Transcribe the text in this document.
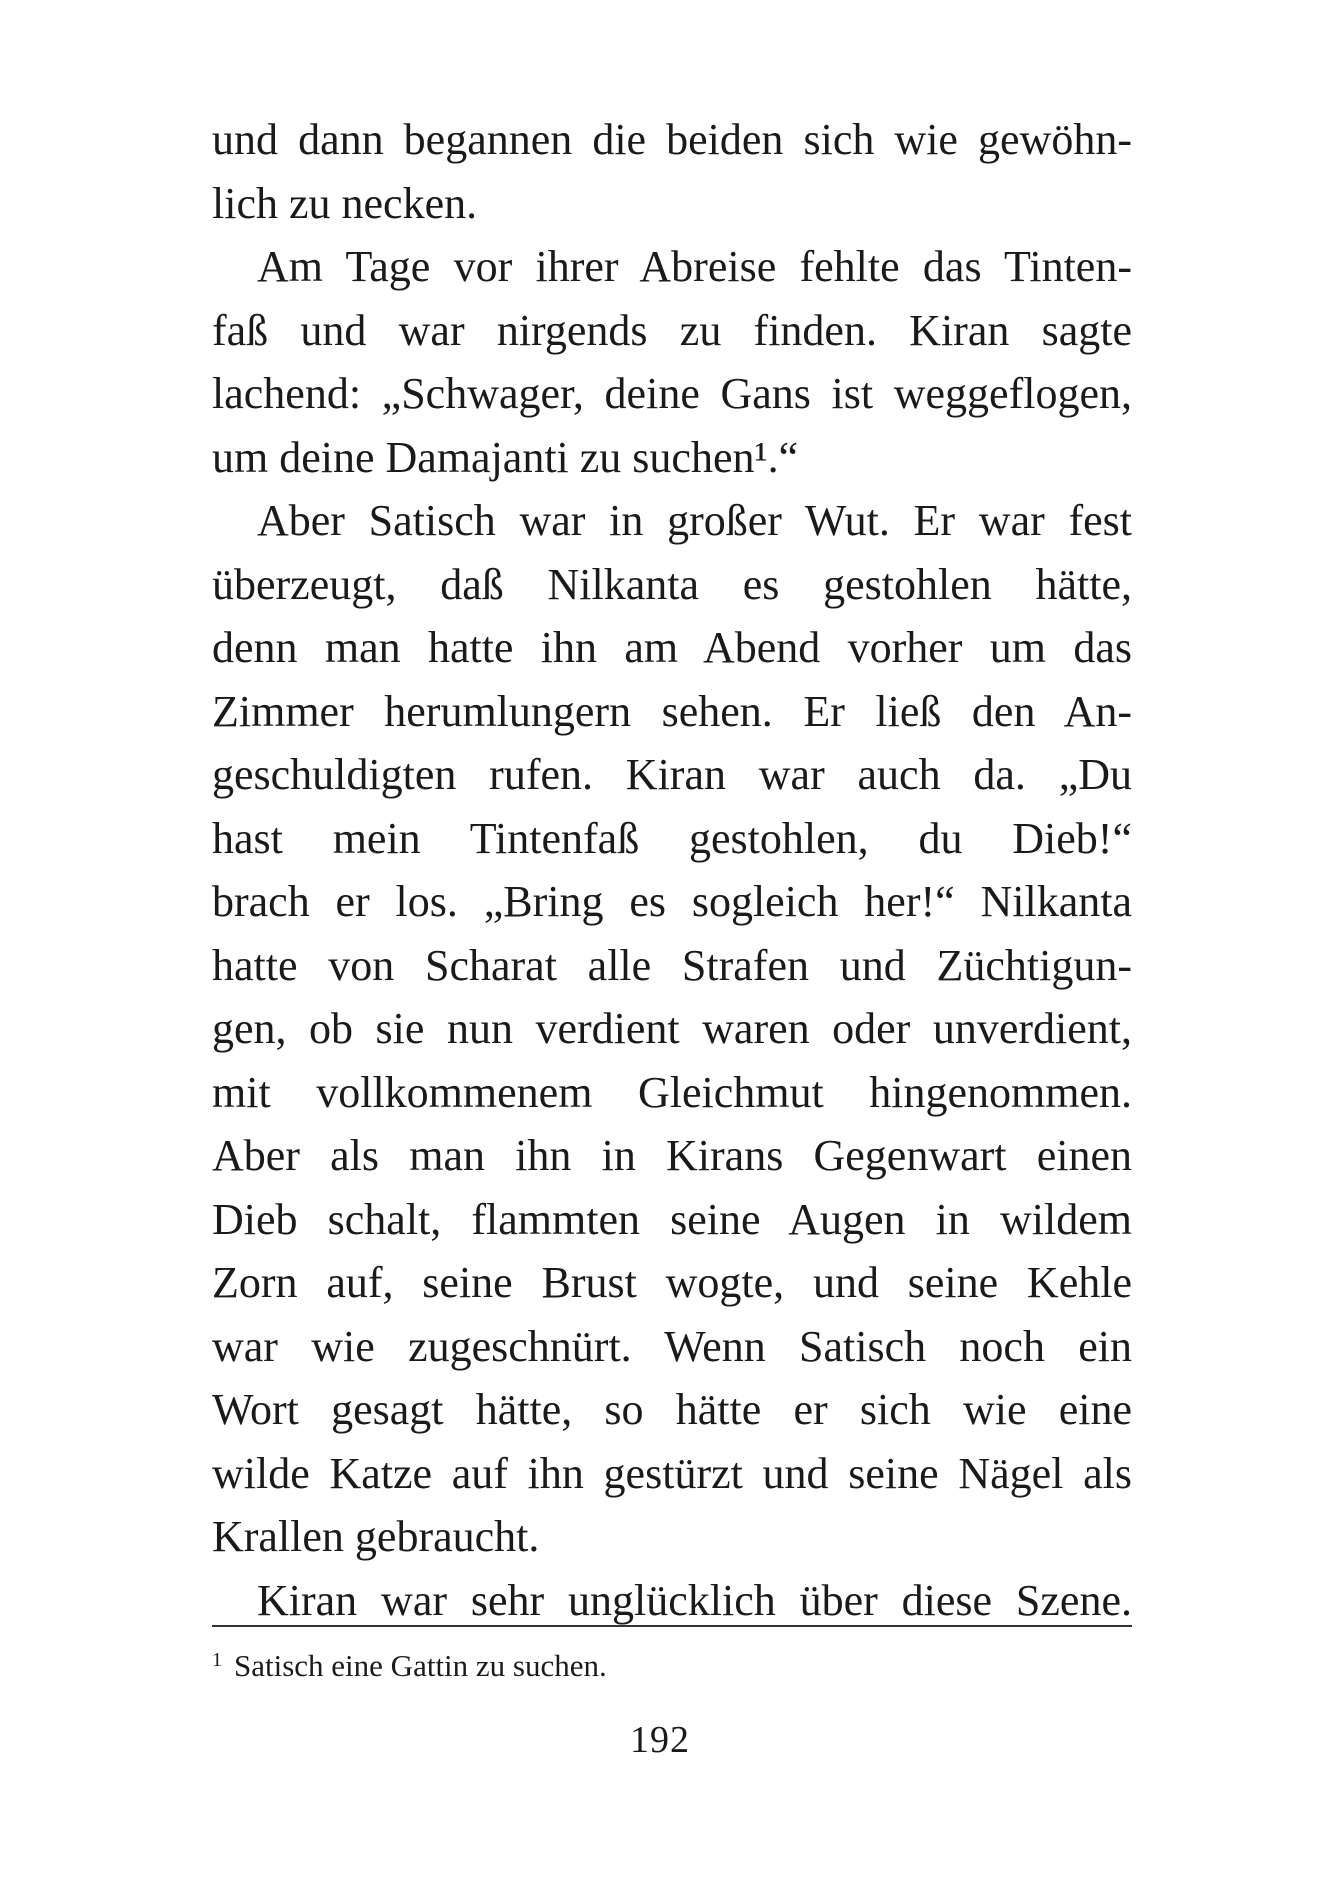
und dann begannen die beiden sich wie gewöhn-
lich zu necken.
Am Tage vor ihrer Abreise fehlte das Tinten-
faß und war nirgends zu finden. Kiran sagte
lachend: „Schwager, deine Gans ist weggeflogen,
um deine Damajanti zu suchen¹.“
Aber Satisch war in großer Wut. Er war fest
überzeugt, daß Nilkanta es gestohlen hätte,
denn man hatte ihn am Abend vorher um das
Zimmer herumlungern sehen. Er ließ den An-
geschuldigten rufen. Kiran war auch da. „Du
hast mein Tintenfaß gestohlen, du Dieb!“
brach er los. „Bring es sogleich her!“ Nilkanta
hatte von Scharat alle Strafen und Züchtigun-
gen, ob sie nun verdient waren oder unverdient,
mit vollkommenem Gleichmut hingenommen.
Aber als man ihn in Kirans Gegenwart einen
Dieb schalt, flammten seine Augen in wildem
Zorn auf, seine Brust wogte, und seine Kehle
war wie zugeschnürt. Wenn Satisch noch ein
Wort gesagt hätte, so hätte er sich wie eine
wilde Katze auf ihn gestürzt und seine Nägel als
Krallen gebraucht.
Kiran war sehr unglücklich über diese Szene.
$^1$ Satisch eine Gattin zu suchen.
192
